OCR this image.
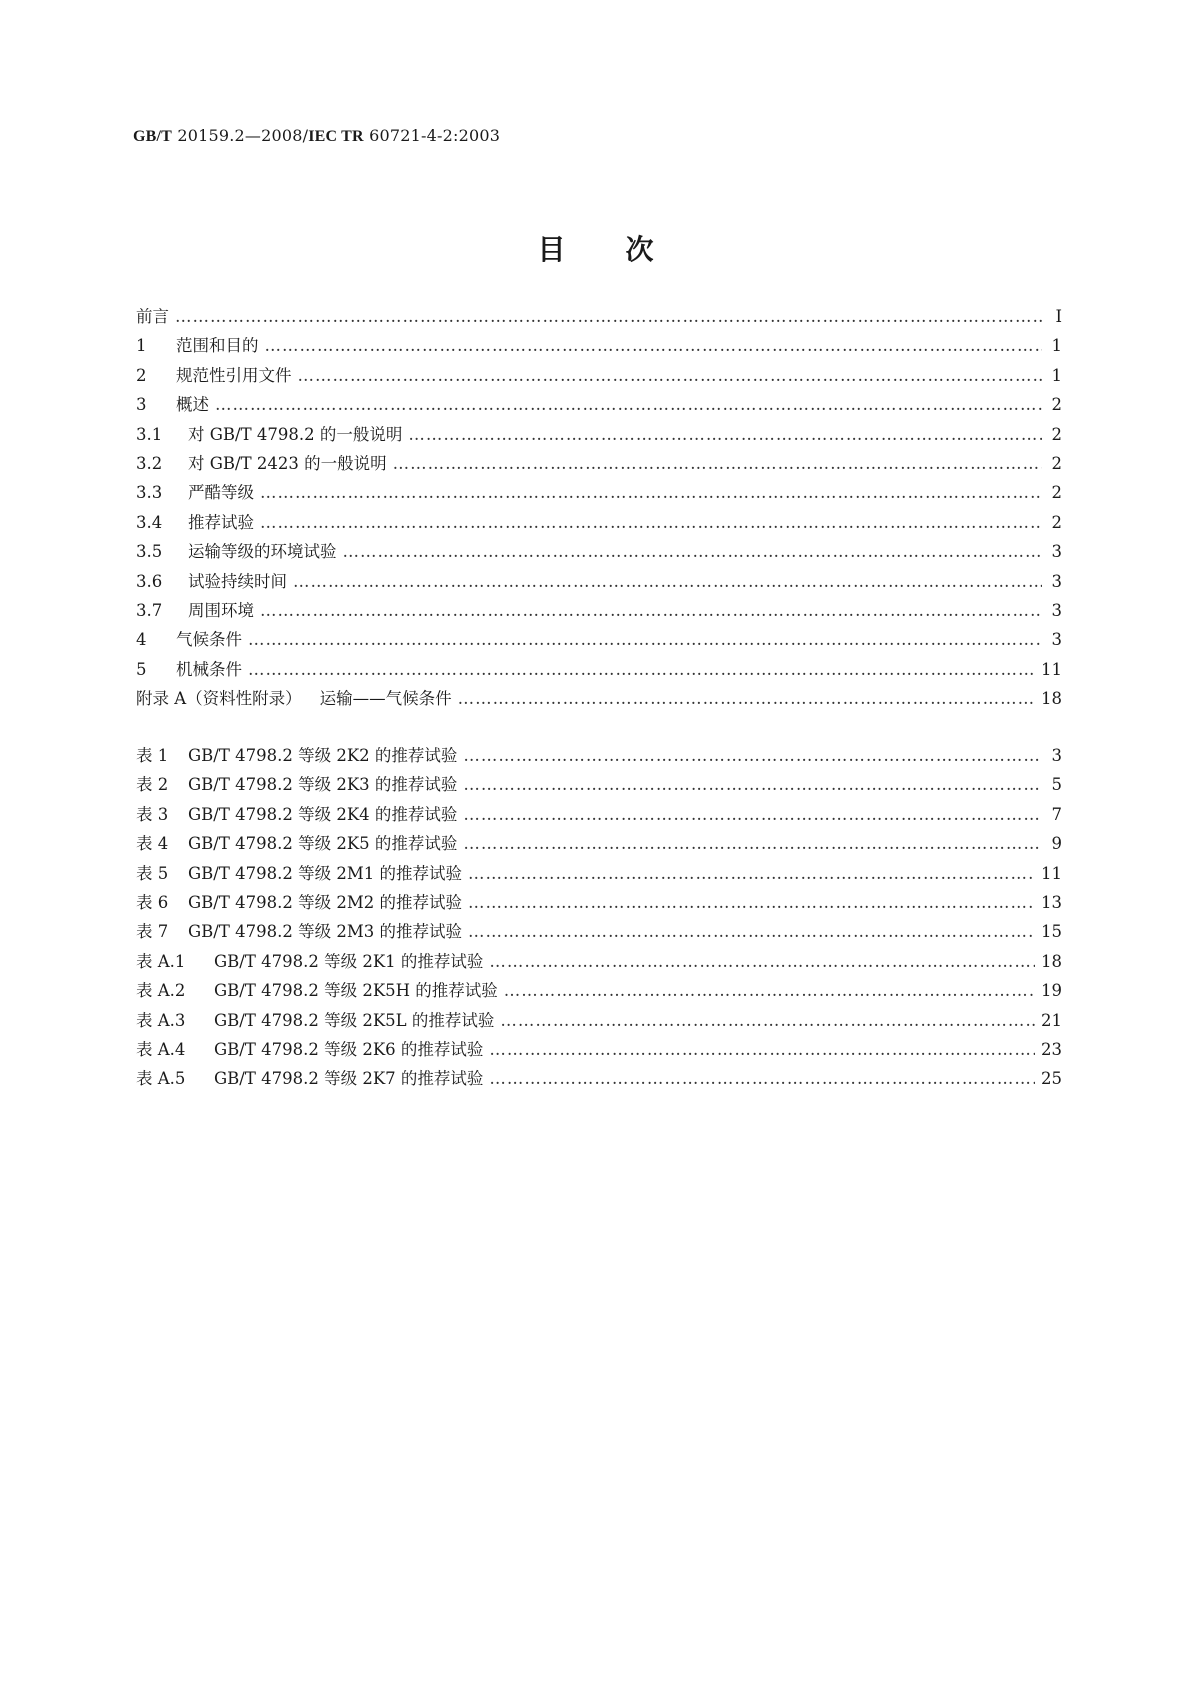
GB/T 20159.2—2008/IEC TR 60721-4-2:2003
目次
前言 ………………………………………………………………………………………………………………………………………………………………………………………………………………………………………………	Ⅰ
1	范围和目的 ………………………………………………………………………………………………………………………………………………………………………………………………………………………………………………	1
2	规范性引用文件 ………………………………………………………………………………………………………………………………………………………………………………………………………………………………………………	1
3	概述 ………………………………………………………………………………………………………………………………………………………………………………………………………………………………………………	2
3.1	对 GB/T 4798.2 的一般说明 ………………………………………………………………………………………………………………………………………………………………………………………………………………………………………………	2
3.2	对 GB/T 2423 的一般说明 ………………………………………………………………………………………………………………………………………………………………………………………………………………………………………………	2
3.3	严酷等级 ………………………………………………………………………………………………………………………………………………………………………………………………………………………………………………	2
3.4	推荐试验 ………………………………………………………………………………………………………………………………………………………………………………………………………………………………………………	2
3.5	运输等级的环境试验 ………………………………………………………………………………………………………………………………………………………………………………………………………………………………………………	3
3.6	试验持续时间 ………………………………………………………………………………………………………………………………………………………………………………………………………………………………………………	3
3.7	周围环境 ………………………………………………………………………………………………………………………………………………………………………………………………………………………………………………	3
4	气候条件 ………………………………………………………………………………………………………………………………………………………………………………………………………………………………………………	3
5	机械条件 ………………………………………………………………………………………………………………………………………………………………………………………………………………………………………………	11
附录 A（资料性附录） 运输——气候条件 ………………………………………………………………………………………………………………………………………………………………………………………………………………………………………………	18
表 1	GB/T 4798.2 等级 2K2 的推荐试验 ………………………………………………………………………………………………………………………………………………………………………………………………………………………………………………	3
表 2	GB/T 4798.2 等级 2K3 的推荐试验 ………………………………………………………………………………………………………………………………………………………………………………………………………………………………………………	5
表 3	GB/T 4798.2 等级 2K4 的推荐试验 ………………………………………………………………………………………………………………………………………………………………………………………………………………………………………………	7
表 4	GB/T 4798.2 等级 2K5 的推荐试验 ………………………………………………………………………………………………………………………………………………………………………………………………………………………………………………	9
表 5	GB/T 4798.2 等级 2M1 的推荐试验 ………………………………………………………………………………………………………………………………………………………………………………………………………………………………………………	11
表 6	GB/T 4798.2 等级 2M2 的推荐试验 ………………………………………………………………………………………………………………………………………………………………………………………………………………………………………………	13
表 7	GB/T 4798.2 等级 2M3 的推荐试验 ………………………………………………………………………………………………………………………………………………………………………………………………………………………………………………	15
表 A.1	GB/T 4798.2 等级 2K1 的推荐试验 ………………………………………………………………………………………………………………………………………………………………………………………………………………………………………………	18
表 A.2	GB/T 4798.2 等级 2K5H 的推荐试验 ………………………………………………………………………………………………………………………………………………………………………………………………………………………………………………	19
表 A.3	GB/T 4798.2 等级 2K5L 的推荐试验 ………………………………………………………………………………………………………………………………………………………………………………………………………………………………………………	21
表 A.4	GB/T 4798.2 等级 2K6 的推荐试验 ………………………………………………………………………………………………………………………………………………………………………………………………………………………………………………	23
表 A.5	GB/T 4798.2 等级 2K7 的推荐试验 ………………………………………………………………………………………………………………………………………………………………………………………………………………………………………………	25
